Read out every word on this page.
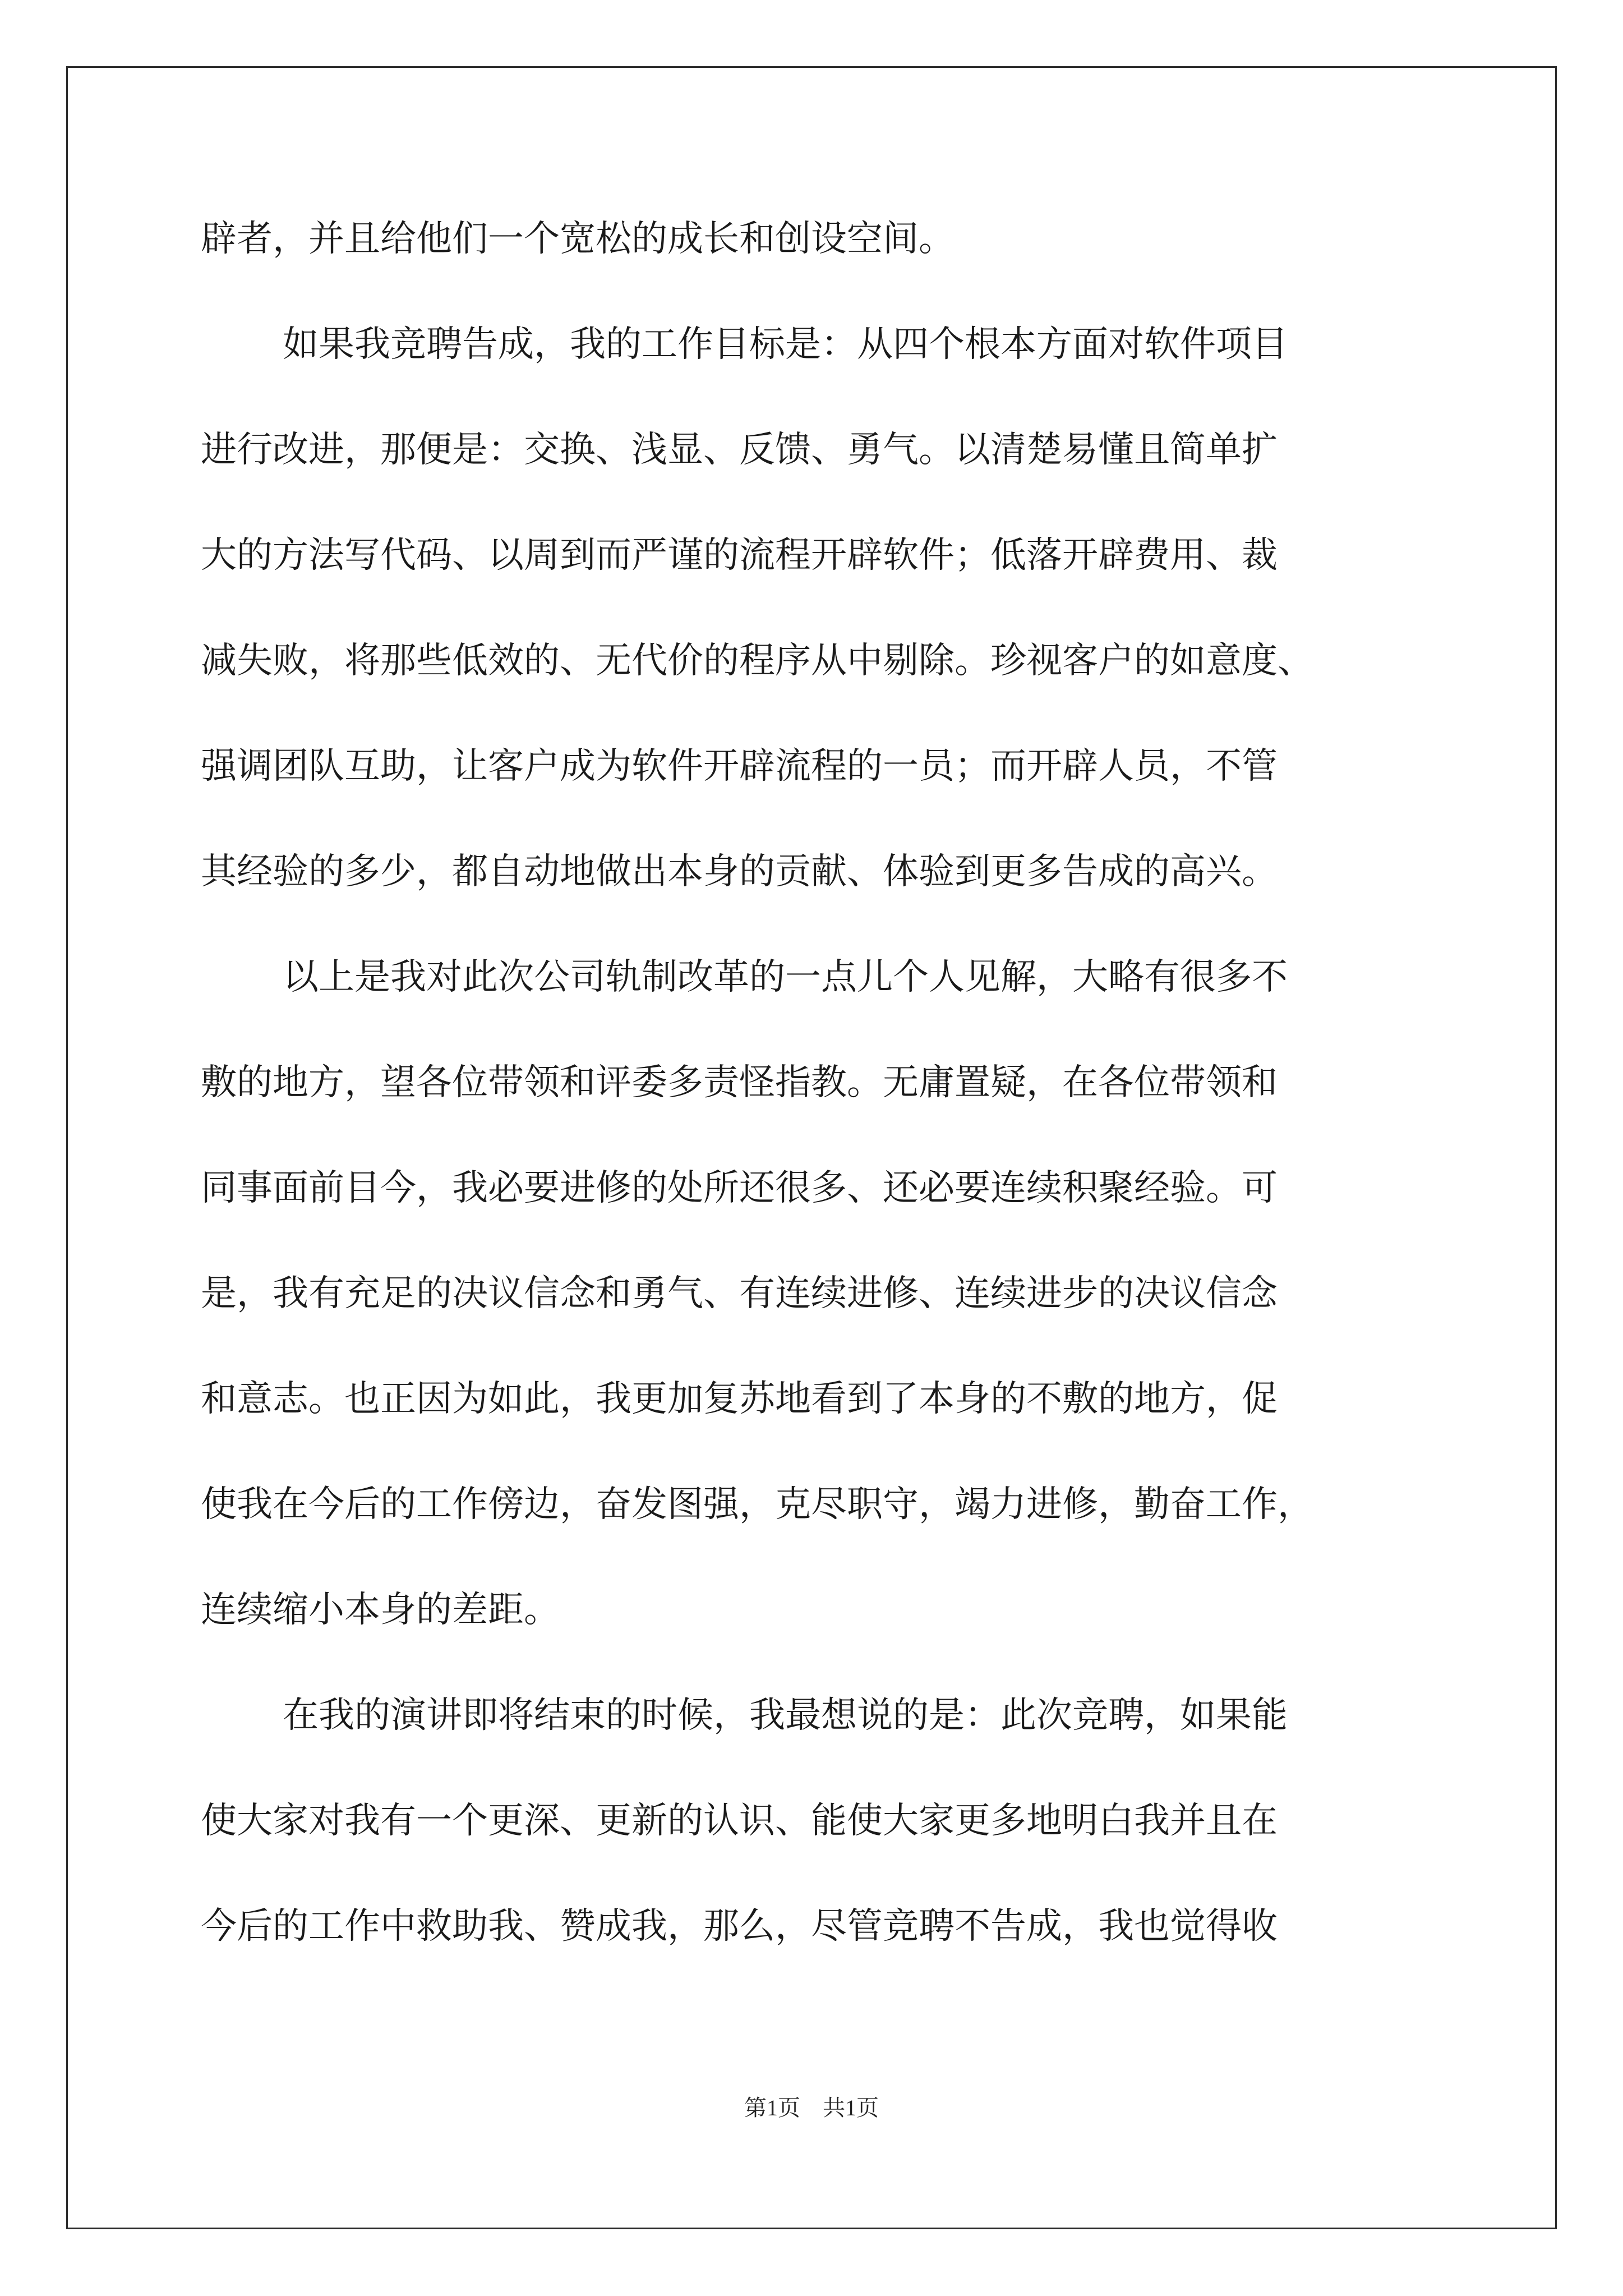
辟者，并且给他们一个宽松的成长和创设空间。
如果我竞聘告成，我的工作目标是：从四个根本方面对软件项目
进行改进，那便是：交换、浅显、反馈、勇气。以清楚易懂且简单扩
大的方法写代码、以周到而严谨的流程开辟软件；低落开辟费用、裁
减失败，将那些低效的、无代价的程序从中剔除。珍视客户的如意度、
强调团队互助，让客户成为软件开辟流程的一员；而开辟人员，不管
其经验的多少，都自动地做出本身的贡献、体验到更多告成的高兴。
以上是我对此次公司轨制改革的一点儿个人见解，大略有很多不
敷的地方，望各位带领和评委多责怪指教。无庸置疑，在各位带领和
同事面前目今，我必要进修的处所还很多、还必要连续积聚经验。可
是，我有充足的决议信念和勇气、有连续进修、连续进步的决议信念
和意志。也正因为如此，我更加复苏地看到了本身的不敷的地方，促
使我在今后的工作傍边，奋发图强，克尽职守，竭力进修，勤奋工作，
连续缩小本身的差距。
在我的演讲即将结束的时候，我最想说的是：此次竞聘，如果能
使大家对我有一个更深、更新的认识、能使大家更多地明白我并且在
今后的工作中救助我、赞成我，那么，尽管竞聘不告成，我也觉得收
第1页　共1页
